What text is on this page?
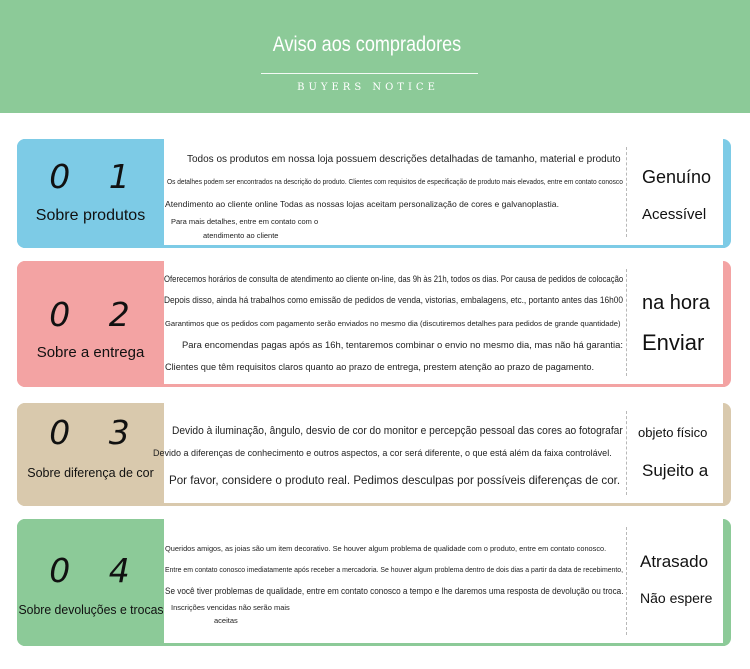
Aviso aos compradores
BUYERS NOTICE
0 1
Sobre produtos
Todos os produtos em nossa loja possuem descrições detalhadas de tamanho, material e produto
Os detalhes podem ser encontrados na descrição do produto. Clientes com requisitos de especificação de produto mais elevados, entre em contato conosco
Atendimento ao cliente online Todas as nossas lojas aceitam personalização de cores e galvanoplastia.
Para mais detalhes, entre em contato com o
atendimento ao cliente
Genuíno
Acessível
0 2
Sobre a entrega
Oferecemos horários de consulta de atendimento ao cliente on-line, das 9h às 21h, todos os dias. Por causa de pedidos de colocação
Depois disso, ainda há trabalhos como emissão de pedidos de venda, vistorias, embalagens, etc., portanto antes das 16h00
Garantimos que os pedidos com pagamento serão enviados no mesmo dia (discutiremos detalhes para pedidos de grande quantidade)
Para encomendas pagas após as 16h, tentaremos combinar o envio no mesmo dia, mas não há garantia:
Clientes que têm requisitos claros quanto ao prazo de entrega, prestem atenção ao prazo de pagamento.
na hora
Enviar
0 3
Sobre diferença de cor
Devido à iluminação, ângulo, desvio de cor do monitor e percepção pessoal das cores ao fotografar
Devido a diferenças de conhecimento e outros aspectos, a cor será diferente, o que está além da faixa controlável.
Por favor, considere o produto real. Pedimos desculpas por possíveis diferenças de cor.
objeto físico
Sujeito a
0 4
Sobre devoluções e trocas
Queridos amigos, as joias são um item decorativo. Se houver algum problema de qualidade com o produto, entre em contato conosco.
Entre em contato conosco imediatamente após receber a mercadoria. Se houver algum problema dentro de dois dias a partir da data de recebimento,
Se você tiver problemas de qualidade, entre em contato conosco a tempo e lhe daremos uma resposta de devolução ou troca.
Inscrições vencidas não serão mais
aceitas
Atrasado
Não espere
